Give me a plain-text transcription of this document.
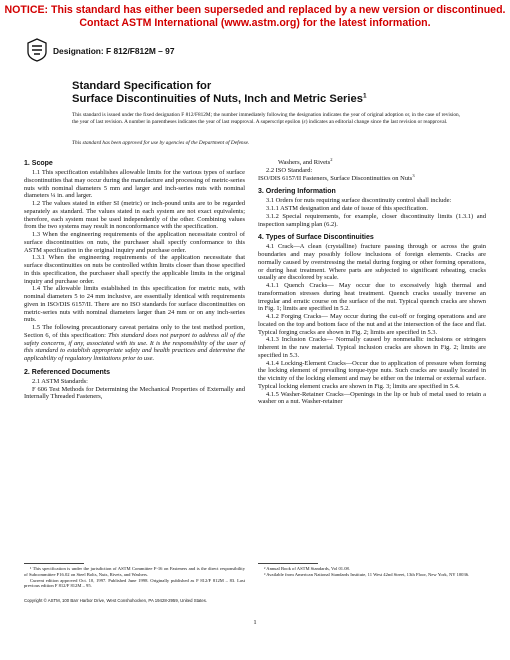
NOTICE: This standard has either been superseded and replaced by a new version or discontinued.
Contact ASTM International (www.astm.org) for the latest information.
Designation: F 812/F812M – 97
Standard Specification for
Surface Discontinuities of Nuts, Inch and Metric Series$^1$
This standard is issued under the fixed designation F 812/F812M; the number immediately following the designation indicates the year of original adoption or, in the case of revision, the year of last revision. A number in parentheses indicates the year of last reapproval. A superscript epsilon (ε) indicates an editorial change since the last revision or reapproval.
This standard has been approved for use by agencies of the Department of Defense.
1. Scope

1.1 This specification establishes allowable limits for the various types of surface discontinuities that may occur during the manufacture and processing of metric-series nuts with nominal diameters 5 mm and larger and inch-series nuts with nominal diameters ¼ in. and larger.

1.2 The values stated in either SI (metric) or inch-pound units are to be regarded separately as standard. The values stated in each system are not exact equivalents; therefore, each system must be used independently of the other. Combining values from the two systems may result in nonconformance with the specification.

1.3 When the engineering requirements of the application necessitate control of surface discontinuities on nuts, the purchaser shall specify conformance to this ASTM specification in the original inquiry and purchase order.

1.3.1 When the engineering requirements of the application necessitate that surface discontinuities on nuts be controlled within limits closer than those specified in this specification, the purchaser shall specify the applicable limits in the original inquiry and purchase order.

1.4 The allowable limits established in this specification for metric nuts, with nominal diameters 5 to 24 mm inclusive, are essentially identical with requirements given in ISO/DIS 6157/II. There are no ISO standards for surface discontinuities on metric-series nuts with nominal diameters larger than 24 mm or on any inch-series nuts.

1.5 The following precautionary caveat pertains only to the test method portion, Section 6, of this specification: This standard does not purport to address all of the safety concerns, if any, associated with its use. It is the responsibility of the user of this standard to establish appropriate safety and health practices and determine the applicability of regulatory limitations prior to use.

2. Referenced Documents

2.1 ASTM Standards:

F 606 Test Methods for Determining the Mechanical Properties of Externally and Internally Threaded Fasteners,

Washers, and Rivets$^2$

2.2 ISO Standard:

ISO/DIS 6157/II Fasteners, Surface Discontinuities on Nuts$^3$

3. Ordering Information

3.1 Orders for nuts requiring surface discontinuity control shall include:

3.1.1 ASTM designation and date of issue of this specification.

3.1.2 Special requirements, for example, closer discontinuity limits (1.3.1) and inspection sampling plan (6.2).

4. Types of Surface Discontinuities

4.1 Crack—A clean (crystalline) fracture passing through or across the grain boundaries and may possibly follow inclusions of foreign elements. Cracks are normally caused by overstressing the metal during forging or other forming operations, or during heat treatment. Where parts are subjected to significant reheating, cracks usually are discolored by scale.

4.1.1 Quench Cracks— May occur due to excessively high thermal and transformation stresses during heat treatment. Quench cracks usually traverse an irregular and erratic course on the surface of the nut. Typical quench cracks are shown in Fig. 1; limits are specified in 5.2.

4.1.2 Forging Cracks— May occur during the cut-off or forging operations and are located on the top and bottom face of the nut and at the intersection of the face and flat. Typical forging cracks are shown in Fig. 2; limits are specified in 5.3.

4.1.3 Inclusion Cracks— Normally caused by nonmetallic inclusions or stringers inherent in the raw material. Typical inclusion cracks are shown in Fig. 2; limits are specified in 5.3.

4.1.4 Locking-Element Cracks—Occur due to application of pressure when forming the locking element of prevailing torque-type nuts. Such cracks are usually located in the vicinity of the locking element and may be either on the internal or external surface. Typical locking element cracks are shown in Fig. 3; limits are specified in 5.4.

4.1.5 Washer-Retainer Cracks—Openings in the lip or hub of metal used to retain a washer on a nut. Washer-retainer

¹ This specification is under the jurisdiction of ASTM Committee F-16 on Fasteners and is the direct responsibility of Subcommittee F16.02 on Steel Bolts, Nuts, Rivets, and Washers.

Current edition approved Oct. 10, 1997. Published June 1998. Originally published as F 812/F 812M – 83. Last previous edition F 812/F 812M – 95.

² Annual Book of ASTM Standards, Vol 01.08.

³ Available from American National Standards Institute, 11 West 42nd Street, 13th Floor, New York, NY 10036.

Copyright © ASTM, 100 Barr Harbor Drive, West Conshohocken, PA 19428-2959, United States.
1
